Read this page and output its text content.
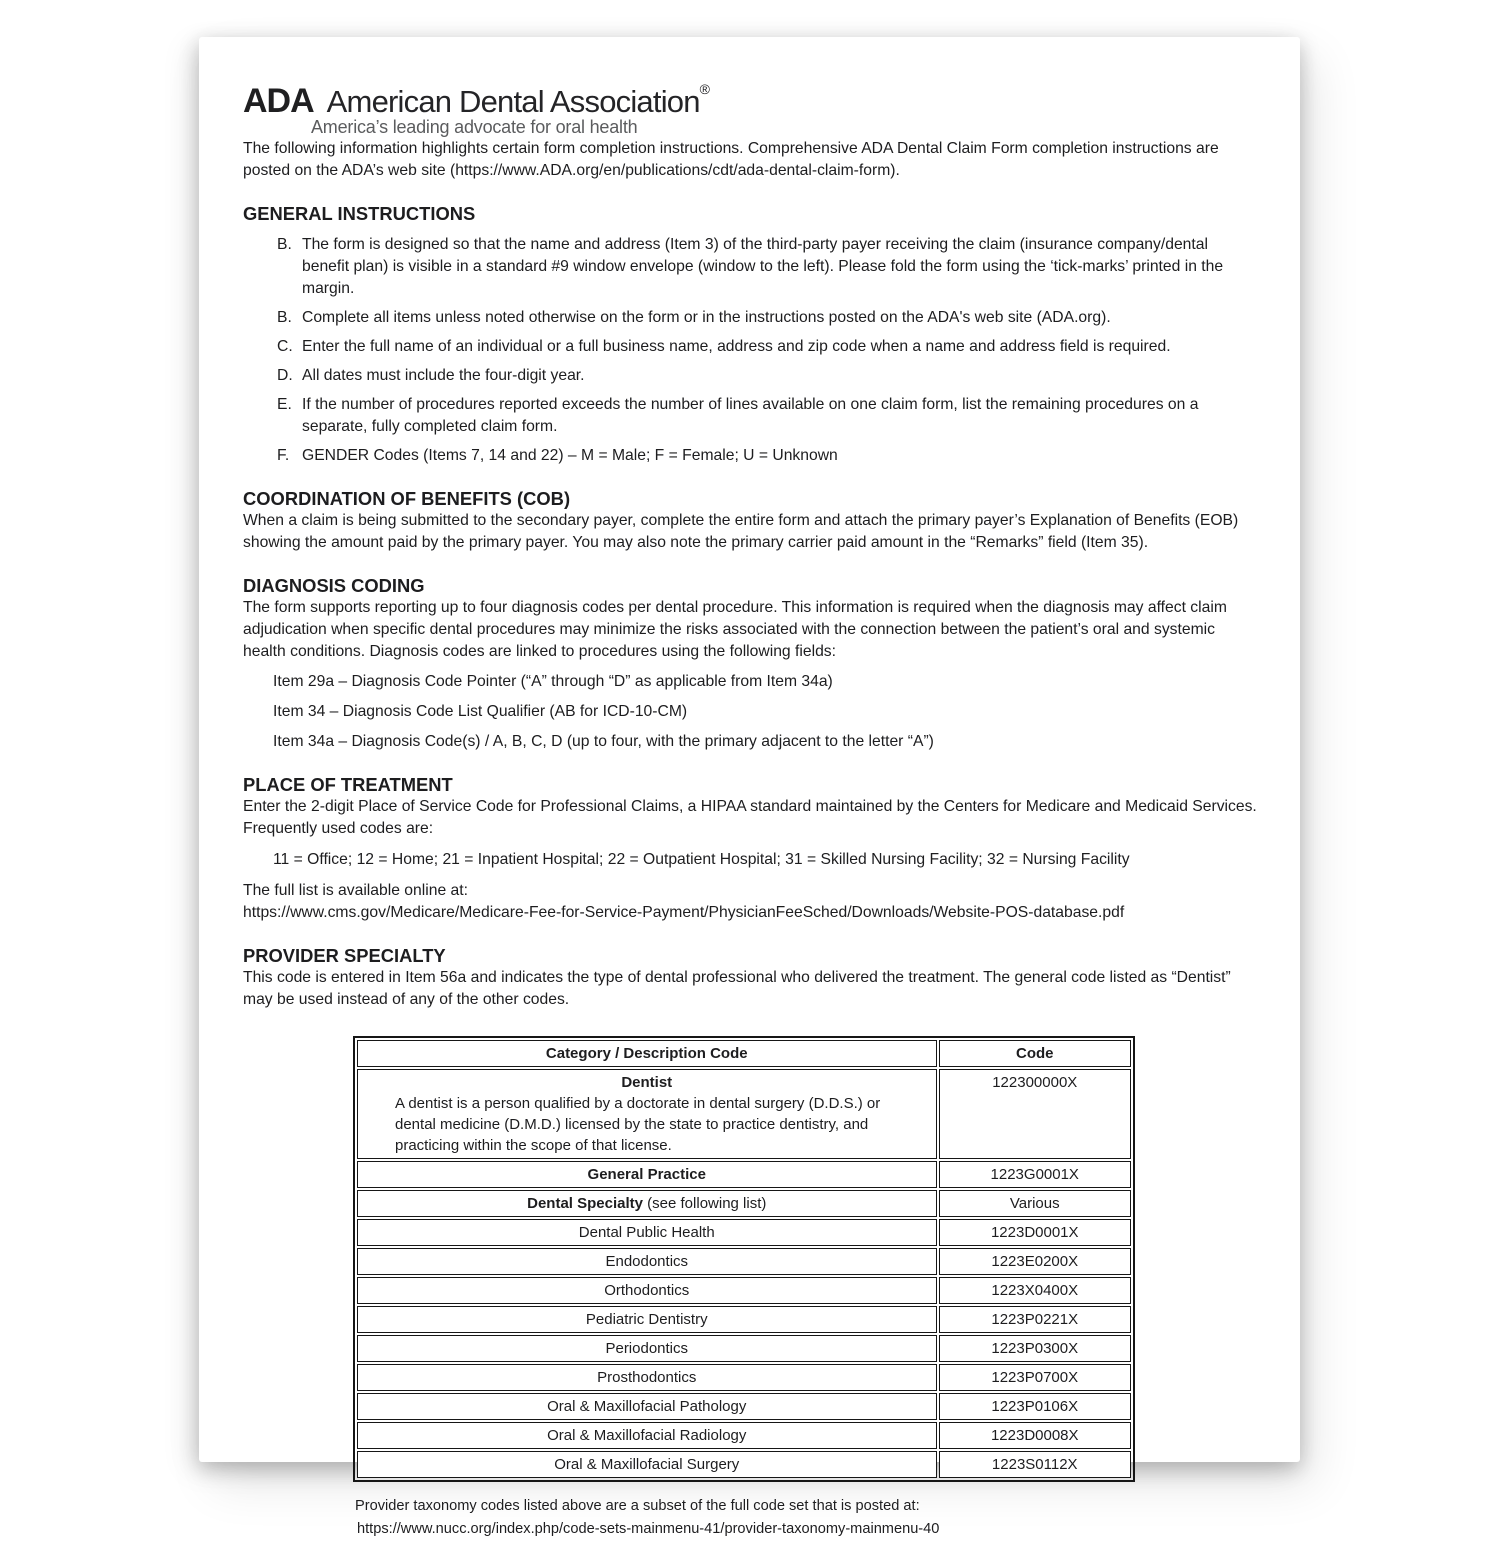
ADA American Dental Association®
America’s leading advocate for oral health

The following information highlights certain form completion instructions. Comprehensive ADA Dental Claim Form completion instructions are posted on the ADA’s web site (https://www.ADA.org/en/publications/cdt/ada-dental-claim-form).

GENERAL INSTRUCTIONS
B. The form is designed so that the name and address (Item 3) of the third-party payer receiving the claim (insurance company/dental benefit plan) is visible in a standard #9 window envelope (window to the left). Please fold the form using the ‘tick-marks’ printed in the margin.
B. Complete all items unless noted otherwise on the form or in the instructions posted on the ADA's web site (ADA.org).
C. Enter the full name of an individual or a full business name, address and zip code when a name and address field is required.
D. All dates must include the four-digit year.
E. If the number of procedures reported exceeds the number of lines available on one claim form, list the remaining procedures on a separate, fully completed claim form.
F. GENDER Codes (Items 7, 14 and 22) – M = Male; F = Female; U = Unknown
COORDINATION OF BENEFITS (COB)

When a claim is being submitted to the secondary payer, complete the entire form and attach the primary payer’s Explanation of Benefits (EOB) showing the amount paid by the primary payer. You may also note the primary carrier paid amount in the “Remarks” field (Item 35).

DIAGNOSIS CODING

The form supports reporting up to four diagnosis codes per dental procedure. This information is required when the diagnosis may affect claim adjudication when specific dental procedures may minimize the risks associated with the connection between the patient’s oral and systemic health conditions. Diagnosis codes are linked to procedures using the following fields:

Item 29a – Diagnosis Code Pointer (“A” through “D” as applicable from Item 34a)
Item 34 – Diagnosis Code List Qualifier (AB for ICD-10-CM)
Item 34a – Diagnosis Code(s) / A, B, C, D (up to four, with the primary adjacent to the letter “A”)
PLACE OF TREATMENT

Enter the 2-digit Place of Service Code for Professional Claims, a HIPAA standard maintained by the Centers for Medicare and Medicaid Services. Frequently used codes are:

11 = Office; 12 = Home; 21 = Inpatient Hospital; 22 = Outpatient Hospital; 31 = Skilled Nursing Facility; 32 = Nursing Facility

The full list is available online at:

https://www.cms.gov/Medicare/Medicare-Fee-for-Service-Payment/PhysicianFeeSched/Downloads/Website-POS-database.pdf

PROVIDER SPECIALTY

This code is entered in Item 56a and indicates the type of dental professional who delivered the treatment. The general code listed as “Dentist” may be used instead of any of the other codes.

Category / Description Code	Code

Dentist
A dentist is a person qualified by a doctorate in dental surgery (D.D.S.) or dental medicine (D.M.D.) licensed by the state to practice dentistry, and practicing within the scope of that license.	122300000X
General Practice	1223G0001X
Dental Specialty (see following list)	Various
Dental Public Health	1223D0001X
Endodontics	1223E0200X
Orthodontics	1223X0400X
Pediatric Dentistry	1223P0221X
Periodontics	1223P0300X
Prosthodontics	1223P0700X
Oral & Maxillofacial Pathology	1223P0106X
Oral & Maxillofacial Radiology	1223D0008X
Oral & Maxillofacial Surgery	1223S0112X
Provider taxonomy codes listed above are a subset of the full code set that is posted at:
https://www.nucc.org/index.php/code-sets-mainmenu-41/provider-taxonomy-mainmenu-40
